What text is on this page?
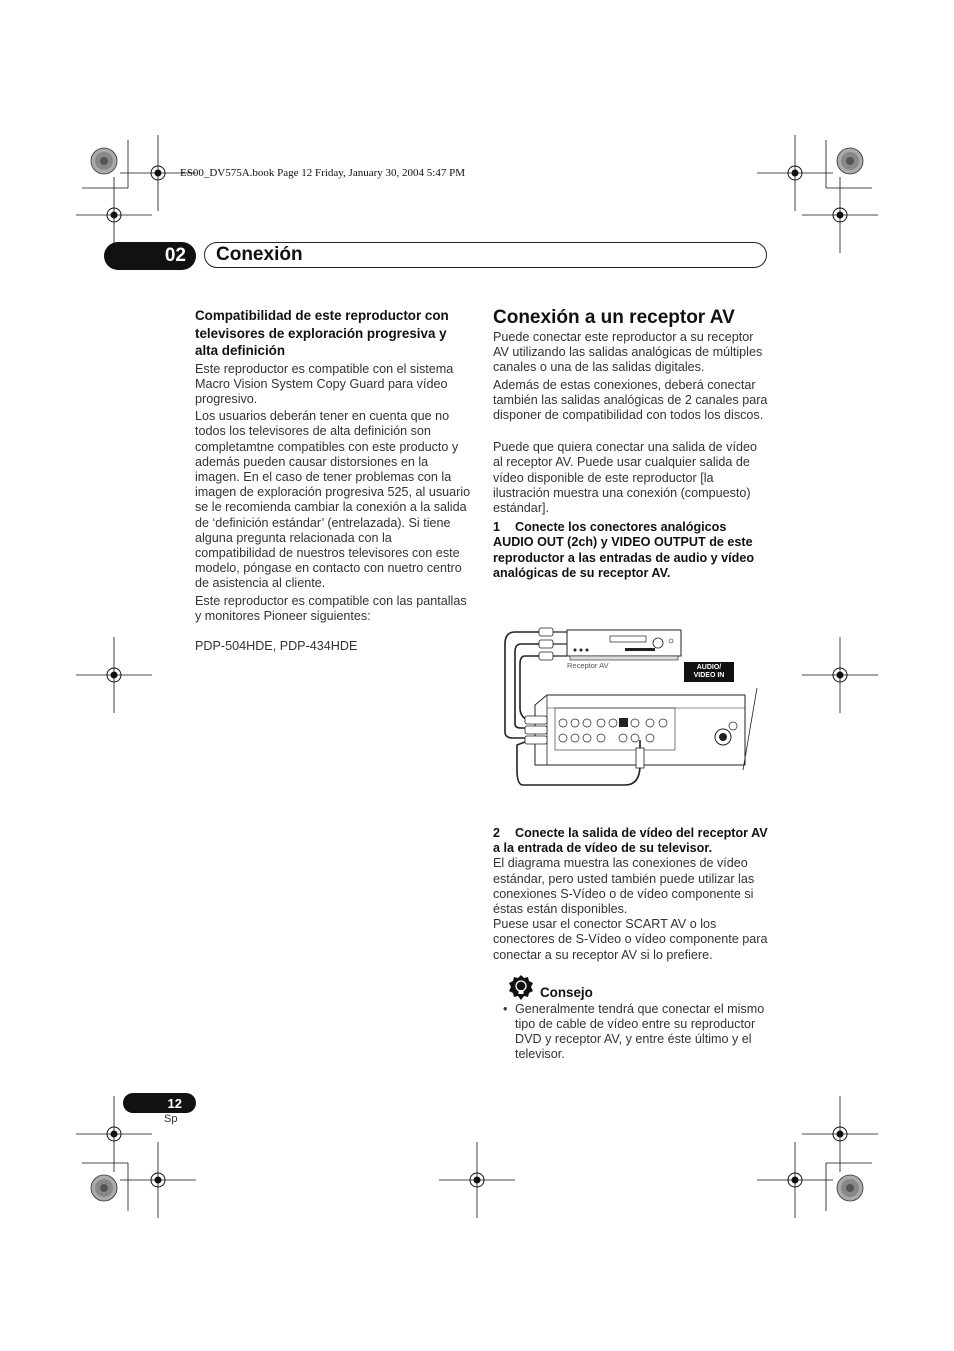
ES00_DV575A.book Page 12 Friday, January 30, 2004 5:47 PM
02	Conexión

Compatibilidad de este reproductor con televisores de exploración progresiva y alta definición

Este reproductor es compatible con el sistema Macro Vision System Copy Guard para vídeo progresivo.

Los usuarios deberán tener en cuenta que no todos los televisores de alta definición son completamtne compatibles con este producto y además pueden causar distorsiones en la imagen. En el caso de tener problemas con la imagen de exploración progresiva 525, al usuario se le recomienda cambiar la conexión a la salida de ‘definición estándar’ (entrelazada). Si tiene alguna pregunta relacionada con la compatibilidad de nuestros televisores con este modelo, póngase en contacto con nuetro centro de asistencia al cliente.

Este reproductor es compatible con las pantallas y monitores Pioneer siguientes:

PDP-504HDE, PDP-434HDE

Conexión a un receptor AV

Puede conectar este reproductor a su receptor AV utilizando las salidas analógicas de múltiples canales o una de las salidas digitales.

Además de estas conexiones, deberá conectar también las salidas analógicas de 2 canales para disponer de compatibilidad con todos los discos.

Puede que quiera conectar una salida de vídeo al receptor AV. Puede usar cualquier salida de vídeo disponible de este reproductor [la ilustración muestra una conexión (compuesto) estándar].

1 Conecte los conectores analógicos AUDIO OUT (2ch) y VIDEO OUTPUT de este reproductor a las entradas de audio y vídeo analógicas de su receptor AV.

Receptor AV	AUDIO/
VIDEO IN

2 Conecte la salida de vídeo del receptor AV a la entrada de vídeo de su televisor.

El diagrama muestra las conexiones de vídeo estándar, pero usted también puede utilizar las conexiones S-Vídeo o de vídeo componente si éstas están disponibles.

Puese usar el conector SCART AV o los conectores de S-Vídeo o vídeo componente para conectar a su receptor AV si lo prefiere.

Consejo
• Generalmente tendrá que conectar el mismo tipo de cable de vídeo entre su reproductor DVD y receptor AV, y entre éste último y el televisor.
12
Sp
